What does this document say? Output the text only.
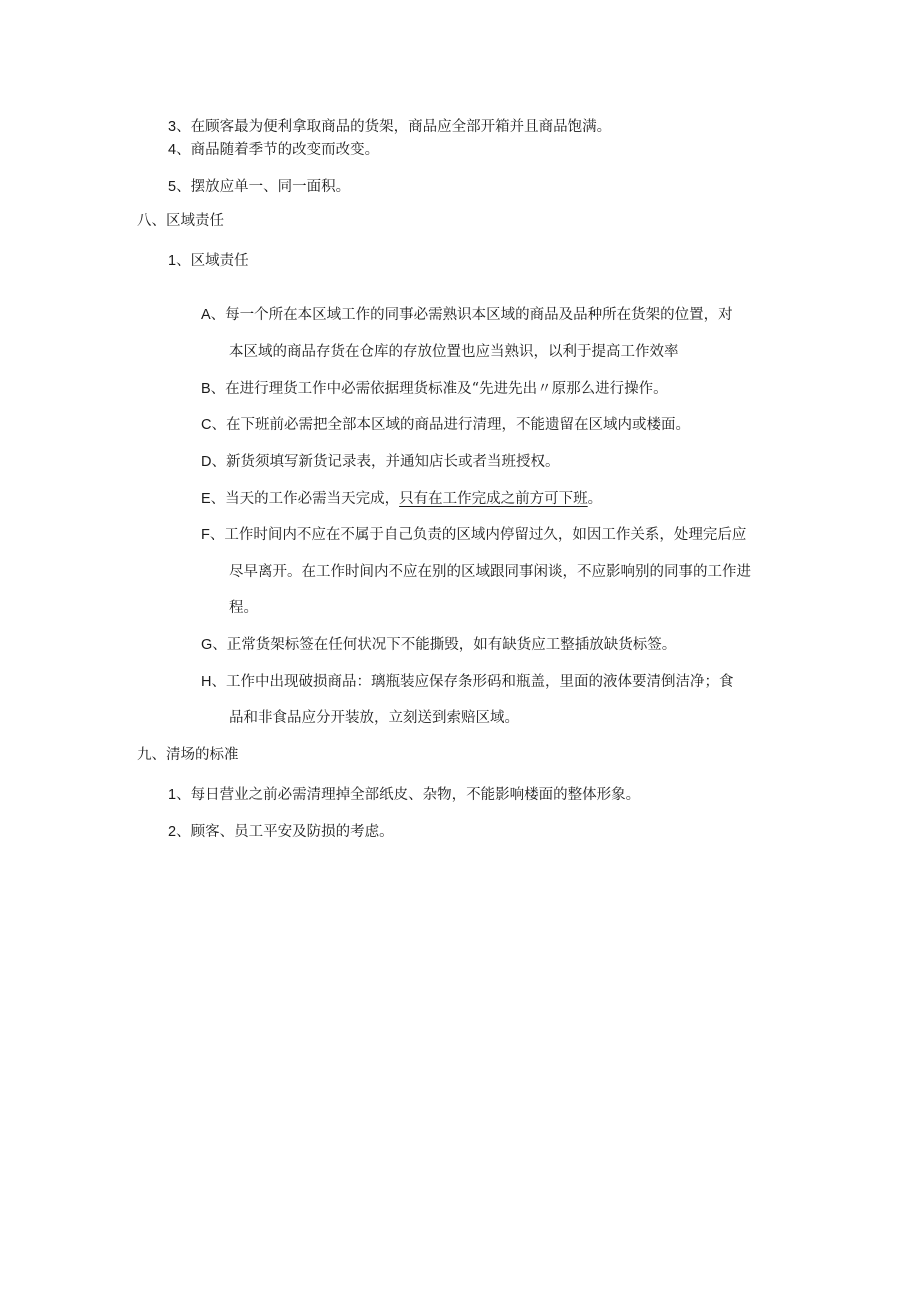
3、在顾客最为便利拿取商品的货架，商品应全部开箱并且商品饱满。
4、商品随着季节的改变而改变。
5、摆放应单一、同一面积。
八、区域责任
1、区域责任
A、每一个所在本区域工作的同事必需熟识本区域的商品及品种所在货架的位置，对
本区域的商品存货在仓库的存放位置也应当熟识，以利于提高工作效率
B、在进行理货工作中必需依据理货标准及“先进先出〃原那么进行操作。
C、在下班前必需把全部本区域的商品进行清理，不能遗留在区域内或楼面。
D、新货须填写新货记录表，并通知店长或者当班授权。
E、当天的工作必需当天完成，只有在工作完成之前方可下班。
F、工作时间内不应在不属于自己负责的区域内停留过久，如因工作关系，处理完后应
尽早离开。在工作时间内不应在别的区域跟同事闲谈，不应影响别的同事的工作进
程。
G、正常货架标签在任何状况下不能撕毁，如有缺货应工整插放缺货标签。
H、工作中出现破损商品：璃瓶装应保存条形码和瓶盖，里面的液体要清倒洁净；食
品和非食品应分开装放，立刻送到索赔区域。
九、清场的标准
1、每日营业之前必需清理掉全部纸皮、杂物，不能影响楼面的整体形象。
2、顾客、员工平安及防损的考虑。
